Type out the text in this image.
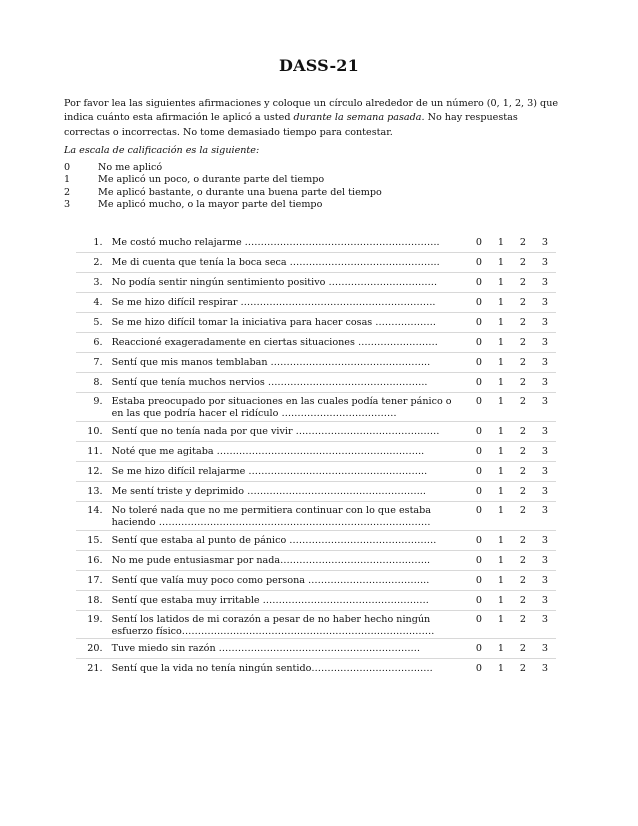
DASS-21
Por favor lea las siguientes afirmaciones y coloque un círculo alrededor de un número (0, 1, 2, 3) que indica cuánto esta afirmación le aplicó a usted durante la semana pasada. No hay respuestas correctas o incorrectas. No tome demasiado tiempo para contestar.
La escala de calificación es la siguiente:
0	No me aplicó
1	Me aplicó un poco, o durante parte del tiempo
2	Me aplicó bastante, o durante una buena parte del tiempo
3	Me aplicó mucho, o la mayor parte del tiempo
1.	Me costó mucho relajarme …………………………………………………….	0	1	2	3

2.	Me di cuenta que tenía la boca seca ………………………………………..	0	1	2	3

3.	No podía sentir ningún sentimiento positivo …………………………….	0	1	2	3

4.	Se me hizo difícil respirar …………………………………………………….	0	1	2	3

5.	Se me hizo difícil tomar la iniciativa para hacer cosas ……………….	0	1	2	3

6.	Reaccioné exageradamente en ciertas situaciones …………………….	0	1	2	3

7.	Sentí que mis manos temblaban …………………………………………..	0	1	2	3

8.	Sentí que tenía muchos nervios …………………………………………..	0	1	2	3

9.	Estaba preocupado por situaciones en las cuales podía tener pánico o en las que podría hacer el ridículo ………………………………	0	1	2	3

10.	Sentí que no tenía nada por que vivir ………………………………………	0	1	2	3

11.	Noté que me agitaba ………………………………………………………..	0	1	2	3

12.	Se me hizo difícil relajarme ………………………………………………..	0	1	2	3

13.	Me sentí triste y deprimido ………………………………………………..	0	1	2	3

14.	No toleré nada que no me permitiera continuar con lo que estaba haciendo ………………………………………………………………………….	0	1	2	3

15.	Sentí que estaba al punto de pánico ……………………………………….	0	1	2	3

16.	No me pude entusiasmar por nada………………………………………..	0	1	2	3

17.	Sentí que valía muy poco como persona ………………………………..	0	1	2	3

18.	Sentí que estaba muy irritable …………………………………………….	0	1	2	3

19.	Sentí los latidos de mi corazón a pesar de no haber hecho ningún esfuerzo físico…………………………………………………………………….	0	1	2	3

20.	Tuve miedo sin razón ………………………………………………………	0	1	2	3

21.	Sentí que la vida no tenía ningún sentido………………………………..	0	1	2	3
